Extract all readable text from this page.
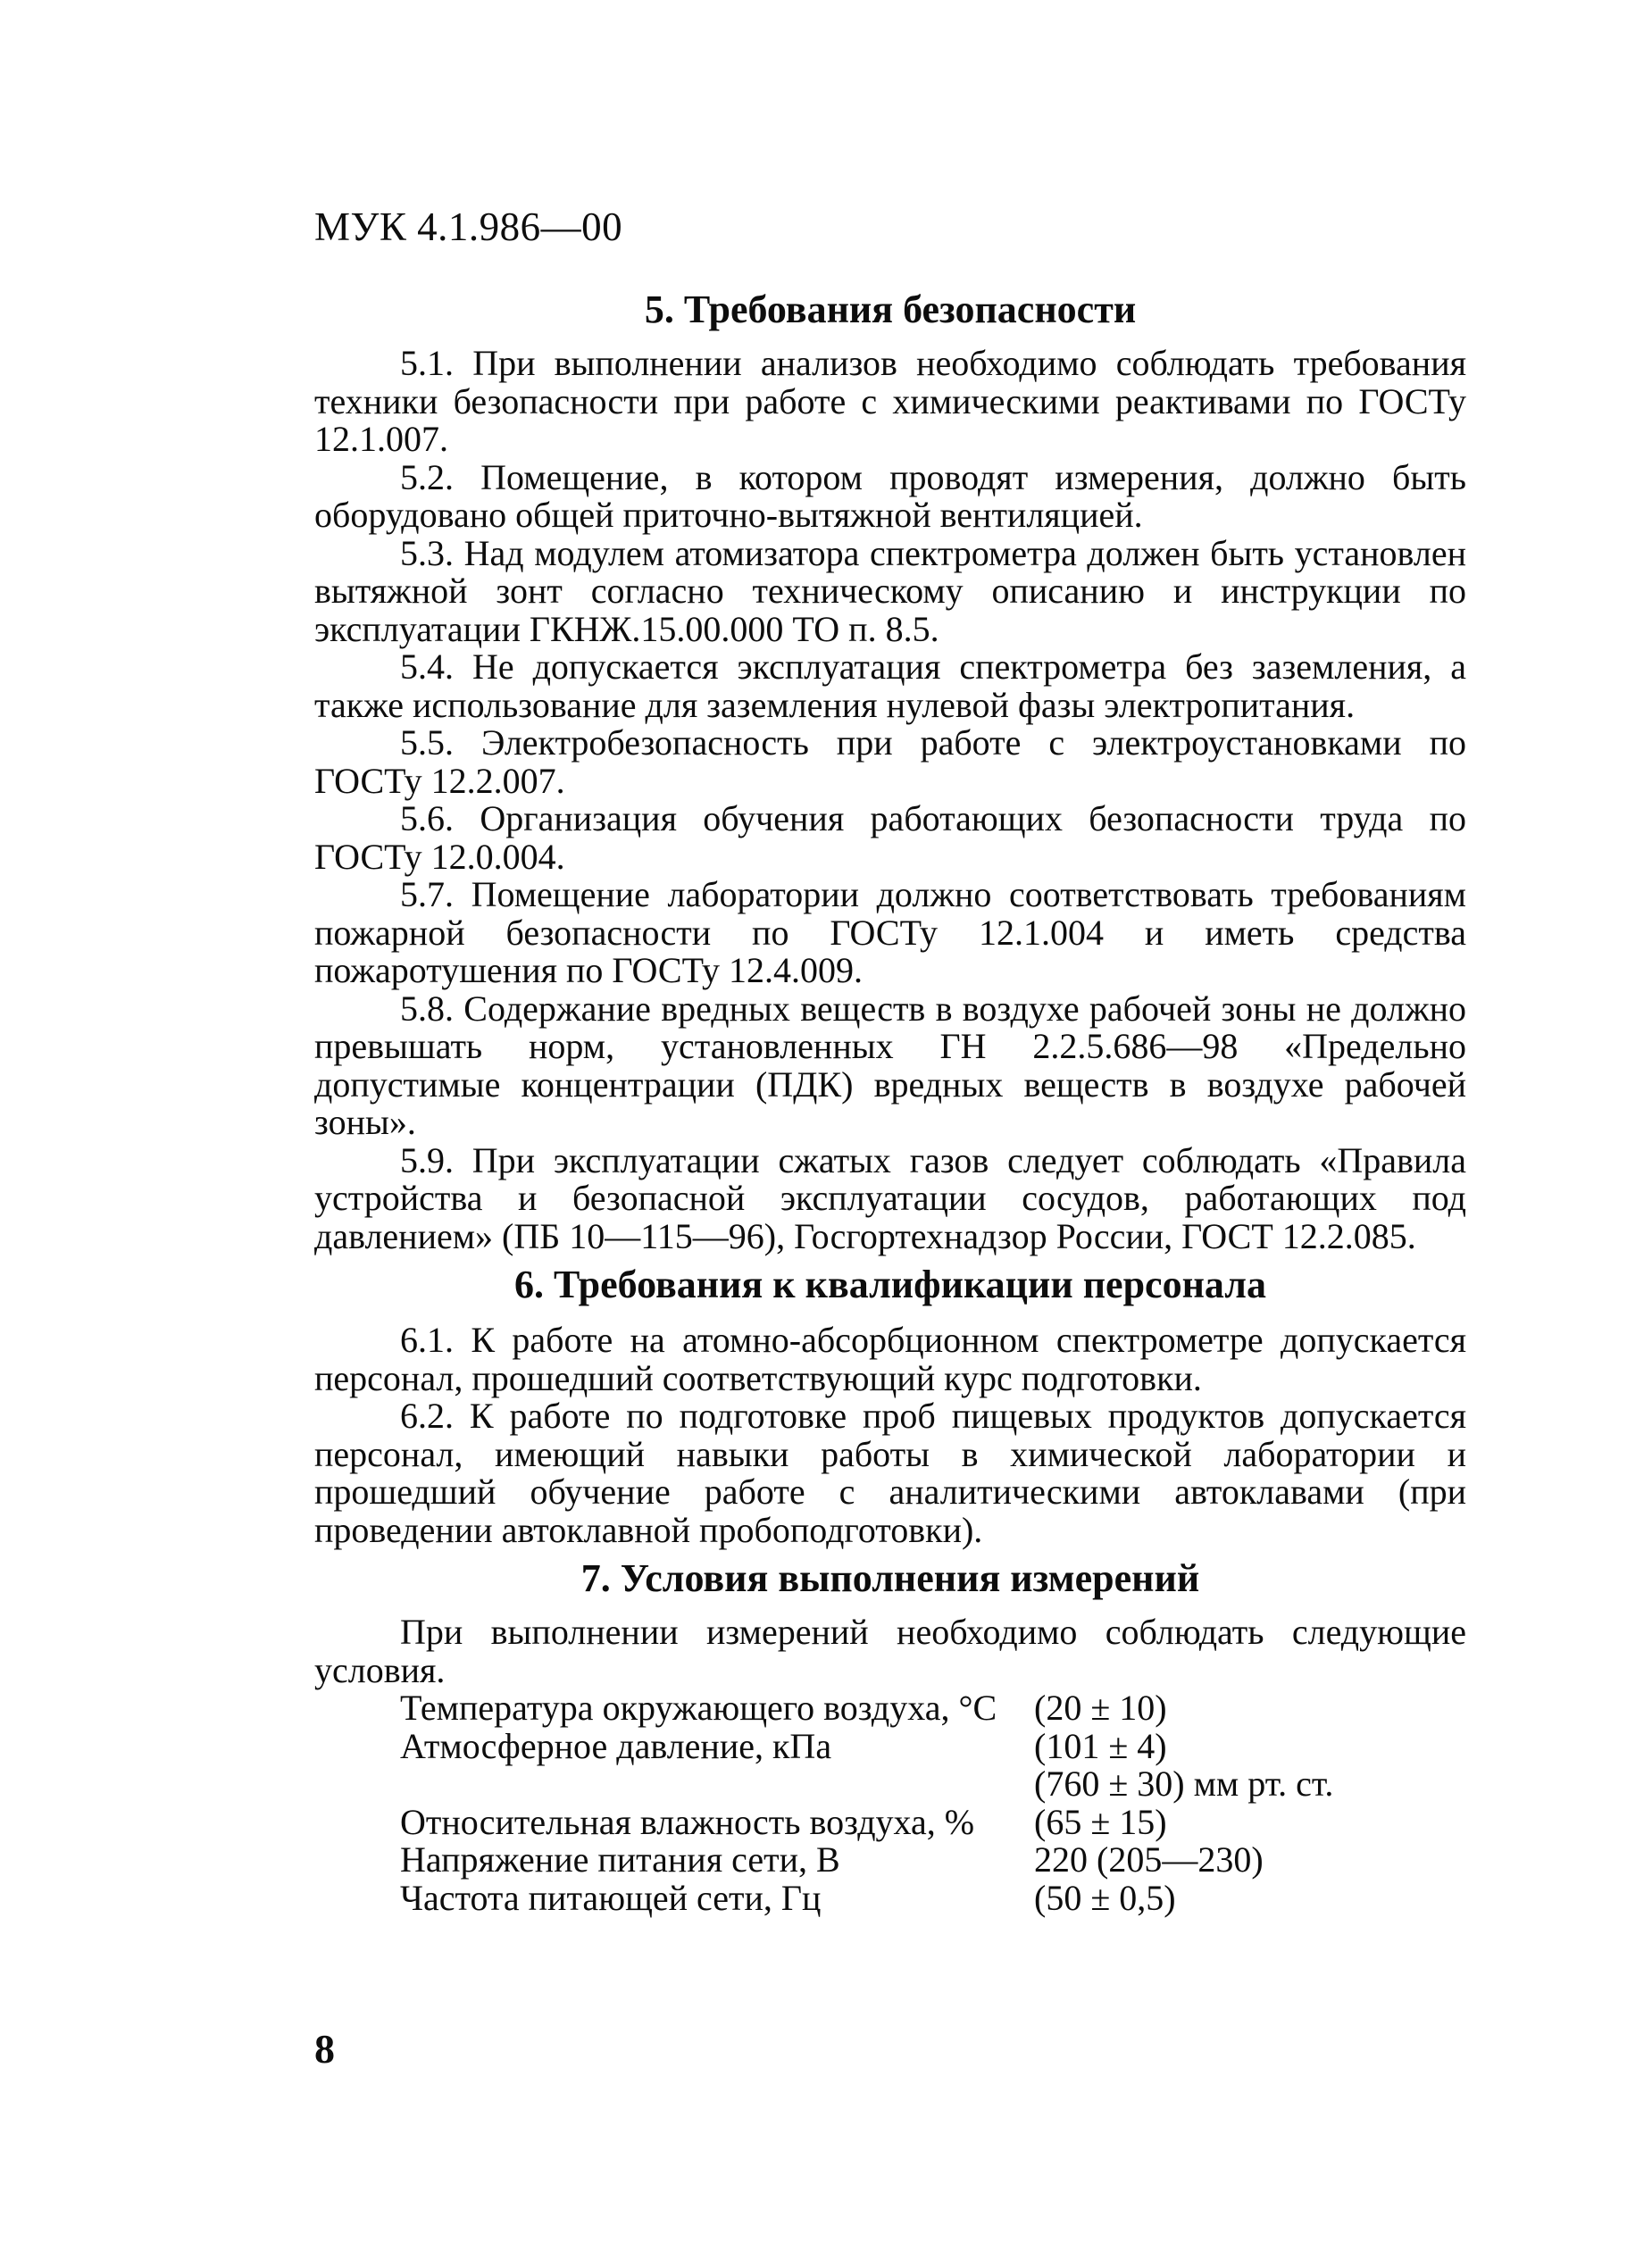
МУК 4.1.986—00
5. Требования безопасности

5.1. При выполнении анализов необходимо соблюдать требования техники безопасности при работе с химическими реактивами по ГОСТу 12.1.007.

5.2. Помещение, в котором проводят измерения, должно быть оборудовано общей приточно-вытяжной вентиляцией.

5.3. Над модулем атомизатора спектрометра должен быть установлен вытяжной зонт согласно техническому описанию и инструкции по эксплуатации ГКНЖ.15.00.000 ТО п. 8.5.

5.4. Не допускается эксплуатация спектрометра без заземления, а также использование для заземления нулевой фазы электропитания.

5.5. Электробезопасность при работе с электроустановками по ГОСТу 12.2.007.

5.6. Организация обучения работающих безопасности труда по ГОСТу 12.0.004.

5.7. Помещение лаборатории должно соответствовать требованиям пожарной безопасности по ГОСТу 12.1.004 и иметь средства пожаротушения по ГОСТу 12.4.009.

5.8. Содержание вредных веществ в воздухе рабочей зоны не должно превышать норм, установленных ГН 2.2.5.686—98 «Предельно допустимые концентрации (ПДК) вредных веществ в воздухе рабочей зоны».

5.9. При эксплуатации сжатых газов следует соблюдать «Правила устройства и безопасной эксплуатации сосудов, работающих под давлением» (ПБ 10—115—96), Госгортехнадзор России, ГОСТ 12.2.085.

6. Требования к квалификации персонала

6.1. К работе на атомно-абсорбционном спектрометре допускается персонал, прошедший соответствующий курс подготовки.

6.2. К работе по подготовке проб пищевых продуктов допускается персонал, имеющий навыки работы в химической лаборатории и прошедший обучение работе с аналитическими автоклавами (при проведении автоклавной пробоподготовки).

7. Условия выполнения измерений

При выполнении измерений необходимо соблюдать следующие условия.

Температура окружающего воздуха, °С	(20 ± 10)
Атмосферное давление, кПа	(101 ± 4)
	(760 ± 30) мм рт. ст.
Относительная влажность воздуха, %	(65 ± 15)
Напряжение питания сети, В	220 (205—230)
Частота питающей сети, Гц	(50 ± 0,5)
8
